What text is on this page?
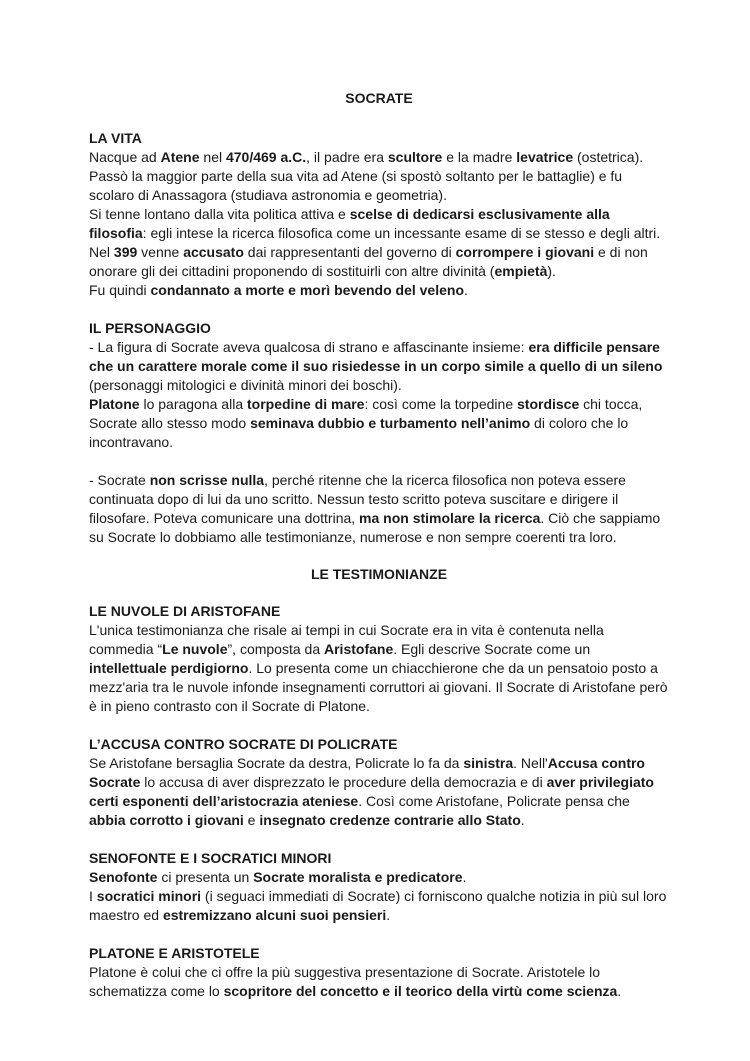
SOCRATE
LA VITA

Nacque ad Atene nel 470/469 a.C., il padre era scultore e la madre levatrice (ostetrica). Passò la maggior parte della sua vita ad Atene (si spostò soltanto per le battaglie) e fu scolaro di Anassagora (studiava astronomia e geometria).

Si tenne lontano dalla vita politica attiva e scelse di dedicarsi esclusivamente alla filosofia: egli intese la ricerca filosofica come un incessante esame di se stesso e degli altri.

Nel 399 venne accusato dai rappresentanti del governo di corrompere i giovani e di non onorare gli dei cittadini proponendo di sostituirli con altre divinità (empietà).

Fu quindi condannato a morte e morì bevendo del veleno.

IL PERSONAGGIO

- La figura di Socrate aveva qualcosa di strano e affascinante insieme: era difficile pensare che un carattere morale come il suo risiedesse in un corpo simile a quello di un sileno (personaggi mitologici e divinità minori dei boschi).

Platone lo paragona alla torpedine di mare: così come la torpedine stordisce chi tocca, Socrate allo stesso modo seminava dubbio e turbamento nell’animo di coloro che lo incontravano.

- Socrate non scrisse nulla, perché ritenne che la ricerca filosofica non poteva essere continuata dopo di lui da uno scritto. Nessun testo scritto poteva suscitare e dirigere il filosofare. Poteva comunicare una dottrina, ma non stimolare la ricerca. Ciò che sappiamo su Socrate lo dobbiamo alle testimonianze, numerose e non sempre coerenti tra loro.

LE TESTIMONIANZE
LE NUVOLE DI ARISTOFANE

L'unica testimonianza che risale ai tempi in cui Socrate era in vita è contenuta nella commedia “Le nuvole”, composta da Aristofane. Egli descrive Socrate come un intellettuale perdigiorno. Lo presenta come un chiacchierone che da un pensatoio posto a mezz'aria tra le nuvole infonde insegnamenti corruttori ai giovani. Il Socrate di Aristofane però è in pieno contrasto con il Socrate di Platone.

L’ACCUSA CONTRO SOCRATE DI POLICRATE

Se Aristofane bersaglia Socrate da destra, Policrate lo fa da sinistra. Nell'Accusa contro Socrate lo accusa di aver disprezzato le procedure della democrazia e di aver privilegiato certi esponenti dell’aristocrazia ateniese. Così come Aristofane, Policrate pensa che abbia corrotto i giovani e insegnato credenze contrarie allo Stato.

SENOFONTE E I SOCRATICI MINORI

Senofonte ci presenta un Socrate moralista e predicatore.

I socratici minori (i seguaci immediati di Socrate) ci forniscono qualche notizia in più sul loro maestro ed estremizzano alcuni suoi pensieri.

PLATONE E ARISTOTELE

Platone è colui che ci offre la più suggestiva presentazione di Socrate. Aristotele lo schematizza come lo scopritore del concetto e il teorico della virtù come scienza.
